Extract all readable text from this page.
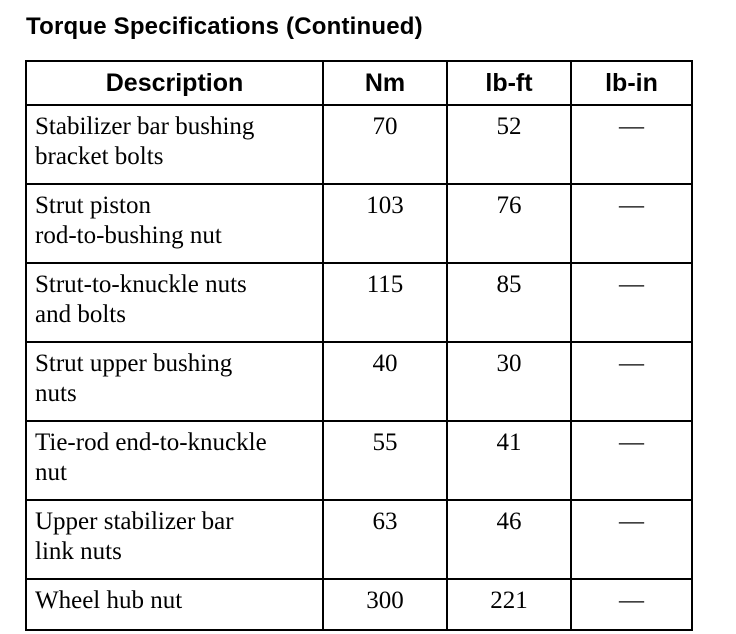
Torque Specifications (Continued)
Description	Nm	lb-ft	lb-in

Stabilizer bar bushing
bracket bolts	70	52	—

Strut piston
rod-to-bushing nut	103	76	—

Strut-to-knuckle nuts
and bolts	115	85	—

Strut upper bushing
nuts	40	30	—

Tie-rod end-to-knuckle
nut	55	41	—

Upper stabilizer bar
link nuts	63	46	—

Wheel hub nut	300	221	—
